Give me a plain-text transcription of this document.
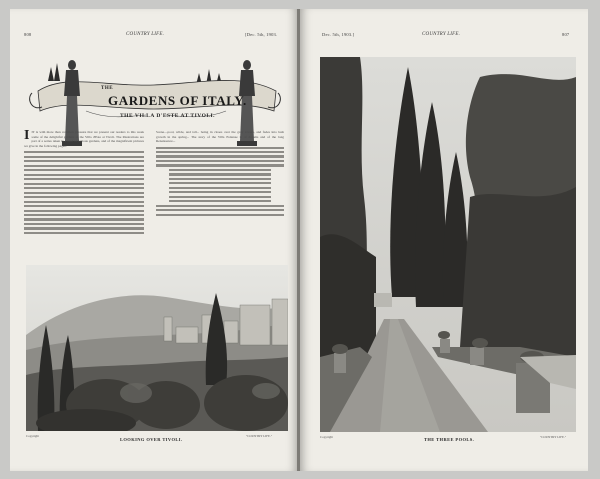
808	COUNTRY LIFE.	[Dec. 5th, 1903.
THE
GARDENS OF ITALY.
THE VILLA D'ESTE AT TIVOLI.
IIT is with more than common pleasure that we present our readers to this week some of the delightful gardens of the Villa d'Este at Tivoli. The illustrations are part of a series taken in a land of famous gardens, and of the magnificent pictures we give in the following pages.
Scene—pool, wilde, and tall... being in closes over the gray towers, and fades into lush growth in the spring... The story of the Villa Estiense is of dreams and of the long Renaissance...
Copyright
LOOKING OVER TIVOLI.
"COUNTRY LIFE."
Dec. 5th, 1903.]	COUNTRY LIFE.	807
Copyright	THE THREE POOLS.	"COUNTRY LIFE."
